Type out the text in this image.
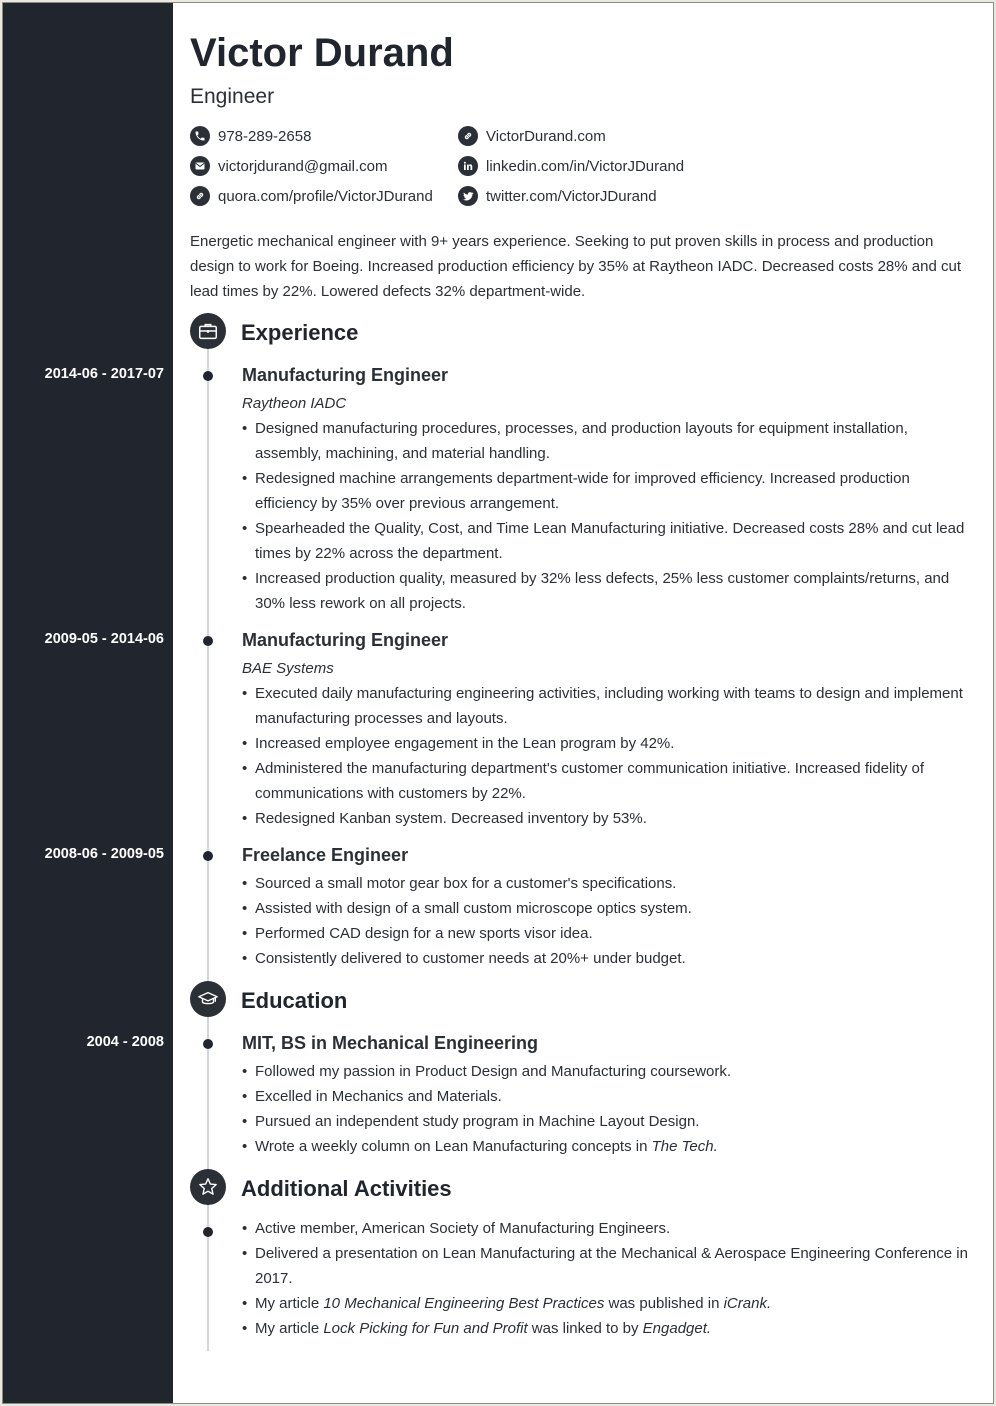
Victor Durand
Engineer
978-289-2658
victorjdurand@gmail.com
quora.com/profile/VictorJDurand
VictorDurand.com
linkedin.com/in/VictorJDurand
twitter.com/VictorJDurand
Energetic mechanical engineer with 9+ years experience. Seeking to put proven skills in process and production design to work for Boeing. Increased production efficiency by 35% at Raytheon IADC. Decreased costs 28% and cut lead times by 22%. Lowered defects 32% department-wide.
Experience
2014-06 - 2017-07	Manufacturing Engineer
Raytheon IADC
• Designed manufacturing procedures, processes, and production layouts for equipment installation, assembly, machining, and material handling.
• Redesigned machine arrangements department-wide for improved efficiency. Increased production efficiency by 35% over previous arrangement.
• Spearheaded the Quality, Cost, and Time Lean Manufacturing initiative. Decreased costs 28% and cut lead times by 22% across the department.
• Increased production quality, measured by 32% less defects, 25% less customer complaints/returns, and 30% less rework on all projects.
2009-05 - 2014-06	Manufacturing Engineer
BAE Systems
• Executed daily manufacturing engineering activities, including working with teams to design and implement manufacturing processes and layouts.
• Increased employee engagement in the Lean program by 42%.
• Administered the manufacturing department's customer communication initiative. Increased fidelity of communications with customers by 22%.
• Redesigned Kanban system. Decreased inventory by 53%.
2008-06 - 2009-05	Freelance Engineer
• Sourced a small motor gear box for a customer's specifications.
• Assisted with design of a small custom microscope optics system.
• Performed CAD design for a new sports visor idea.
• Consistently delivered to customer needs at 20%+ under budget.
Education
2004 - 2008	MIT, BS in Mechanical Engineering
• Followed my passion in Product Design and Manufacturing coursework.
• Excelled in Mechanics and Materials.
• Pursued an independent study program in Machine Layout Design.
• Wrote a weekly column on Lean Manufacturing concepts in The Tech.
Additional Activities
• Active member, American Society of Manufacturing Engineers.
• Delivered a presentation on Lean Manufacturing at the Mechanical & Aerospace Engineering Conference in 2017.
• My article 10 Mechanical Engineering Best Practices was published in iCrank.
• My article Lock Picking for Fun and Profit was linked to by Engadget.
